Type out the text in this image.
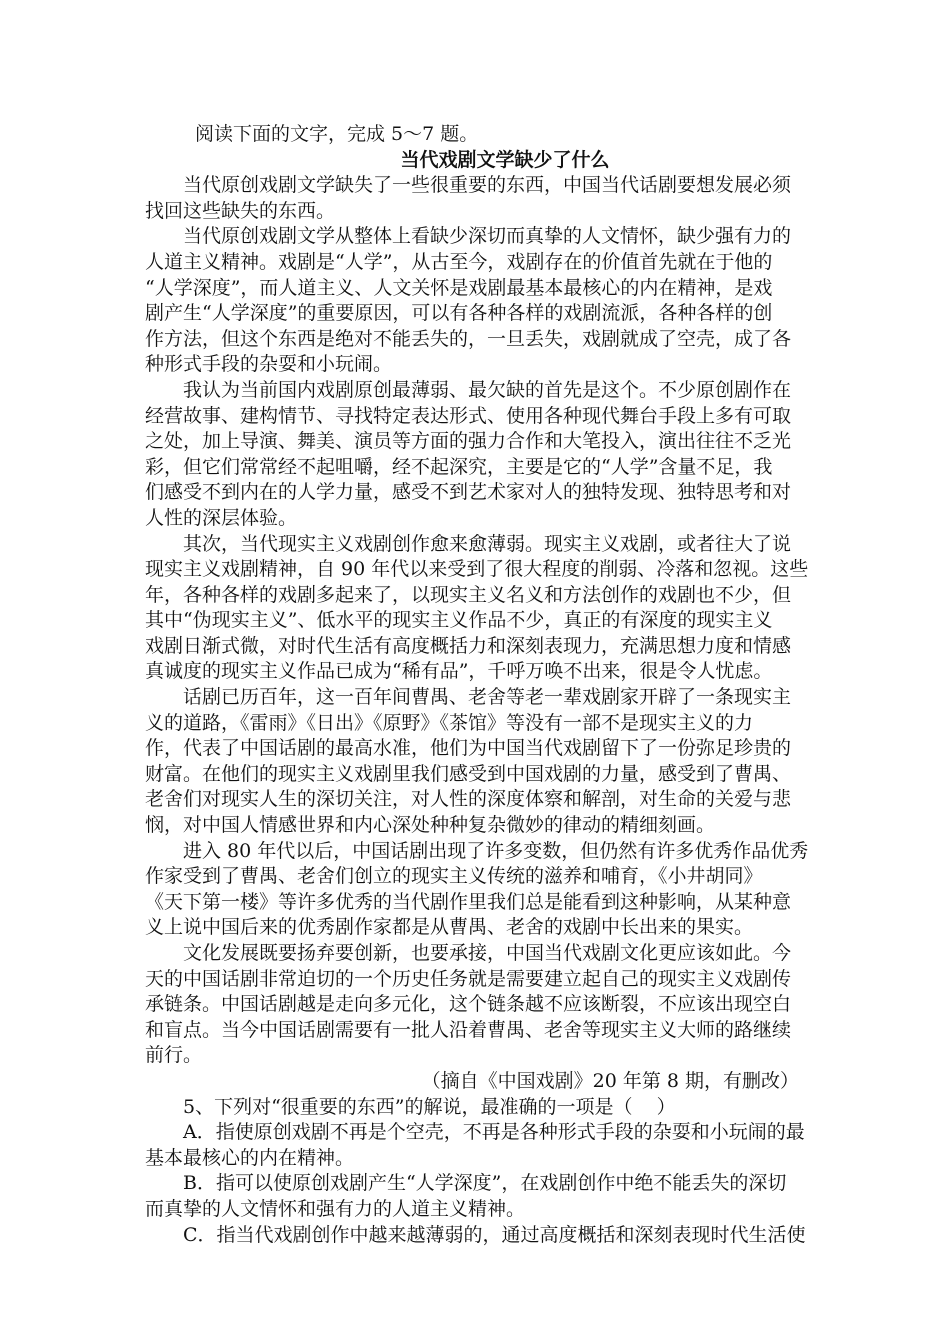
阅读下面的文字，完成 5～7 题。
当代戏剧文学缺少了什么
当代原创戏剧文学缺失了一些很重要的东西，中国当代话剧要想发展必须
找回这些缺失的东西。
当代原创戏剧文学从整体上看缺少深切而真挚的人文情怀，缺少强有力的
人道主义精神。戏剧是“人学”，从古至今，戏剧存在的价值首先就在于他的
“人学深度”，而人道主义、人文关怀是戏剧最基本最核心的内在精神，是戏
剧产生“人学深度”的重要原因，可以有各种各样的戏剧流派，各种各样的创
作方法，但这个东西是绝对不能丢失的，一旦丢失，戏剧就成了空壳，成了各
种形式手段的杂耍和小玩闹。
我认为当前国内戏剧原创最薄弱、最欠缺的首先是这个。不少原创剧作在
经营故事、建构情节、寻找特定表达形式、使用各种现代舞台手段上多有可取
之处，加上导演、舞美、演员等方面的强力合作和大笔投入，演出往往不乏光
彩，但它们常常经不起咀嚼，经不起深究，主要是它的“人学”含量不足，我
们感受不到内在的人学力量，感受不到艺术家对人的独特发现、独特思考和对
人性的深层体验。
其次，当代现实主义戏剧创作愈来愈薄弱。现实主义戏剧，或者往大了说
现实主义戏剧精神，自 90 年代以来受到了很大程度的削弱、冷落和忽视。这些
年，各种各样的戏剧多起来了，以现实主义名义和方法创作的戏剧也不少，但
其中“伪现实主义”、低水平的现实主义作品不少，真正的有深度的现实主义
戏剧日渐式微，对时代生活有高度概括力和深刻表现力，充满思想力度和情感
真诚度的现实主义作品已成为“稀有品”，千呼万唤不出来，很是令人忧虑。
话剧已历百年，这一百年间曹禺、老舍等老一辈戏剧家开辟了一条现实主
义的道路，《雷雨》《日出》《原野》《茶馆》等没有一部不是现实主义的力
作，代表了中国话剧的最高水准，他们为中国当代戏剧留下了一份弥足珍贵的
财富。在他们的现实主义戏剧里我们感受到中国戏剧的力量，感受到了曹禺、
老舍们对现实人生的深切关注，对人性的深度体察和解剖，对生命的关爱与悲
悯，对中国人情感世界和内心深处种种复杂微妙的律动的精细刻画。
进入 80 年代以后，中国话剧出现了许多变数，但仍然有许多优秀作品优秀
作家受到了曹禺、老舍们创立的现实主义传统的滋养和哺育，《小井胡同》
《天下第一楼》等许多优秀的当代剧作里我们总是能看到这种影响，从某种意
义上说中国后来的优秀剧作家都是从曹禺、老舍的戏剧中长出来的果实。
文化发展既要扬弃要创新，也要承接，中国当代戏剧文化更应该如此。今
天的中国话剧非常迫切的一个历史任务就是需要建立起自己的现实主义戏剧传
承链条。中国话剧越是走向多元化，这个链条越不应该断裂，不应该出现空白
和盲点。当今中国话剧需要有一批人沿着曹禺、老舍等现实主义大师的路继续
前行。
（摘自《中国戏剧》20 年第 8 期，有删改）
5、下列对“很重要的东西”的解说，最准确的一项是（    ）
A．指使原创戏剧不再是个空壳，不再是各种形式手段的杂耍和小玩闹的最
基本最核心的内在精神。
B．指可以使原创戏剧产生“人学深度”，在戏剧创作中绝不能丢失的深切
而真挚的人文情怀和强有力的人道主义精神。
C．指当代戏剧创作中越来越薄弱的，通过高度概括和深刻表现时代生活使
